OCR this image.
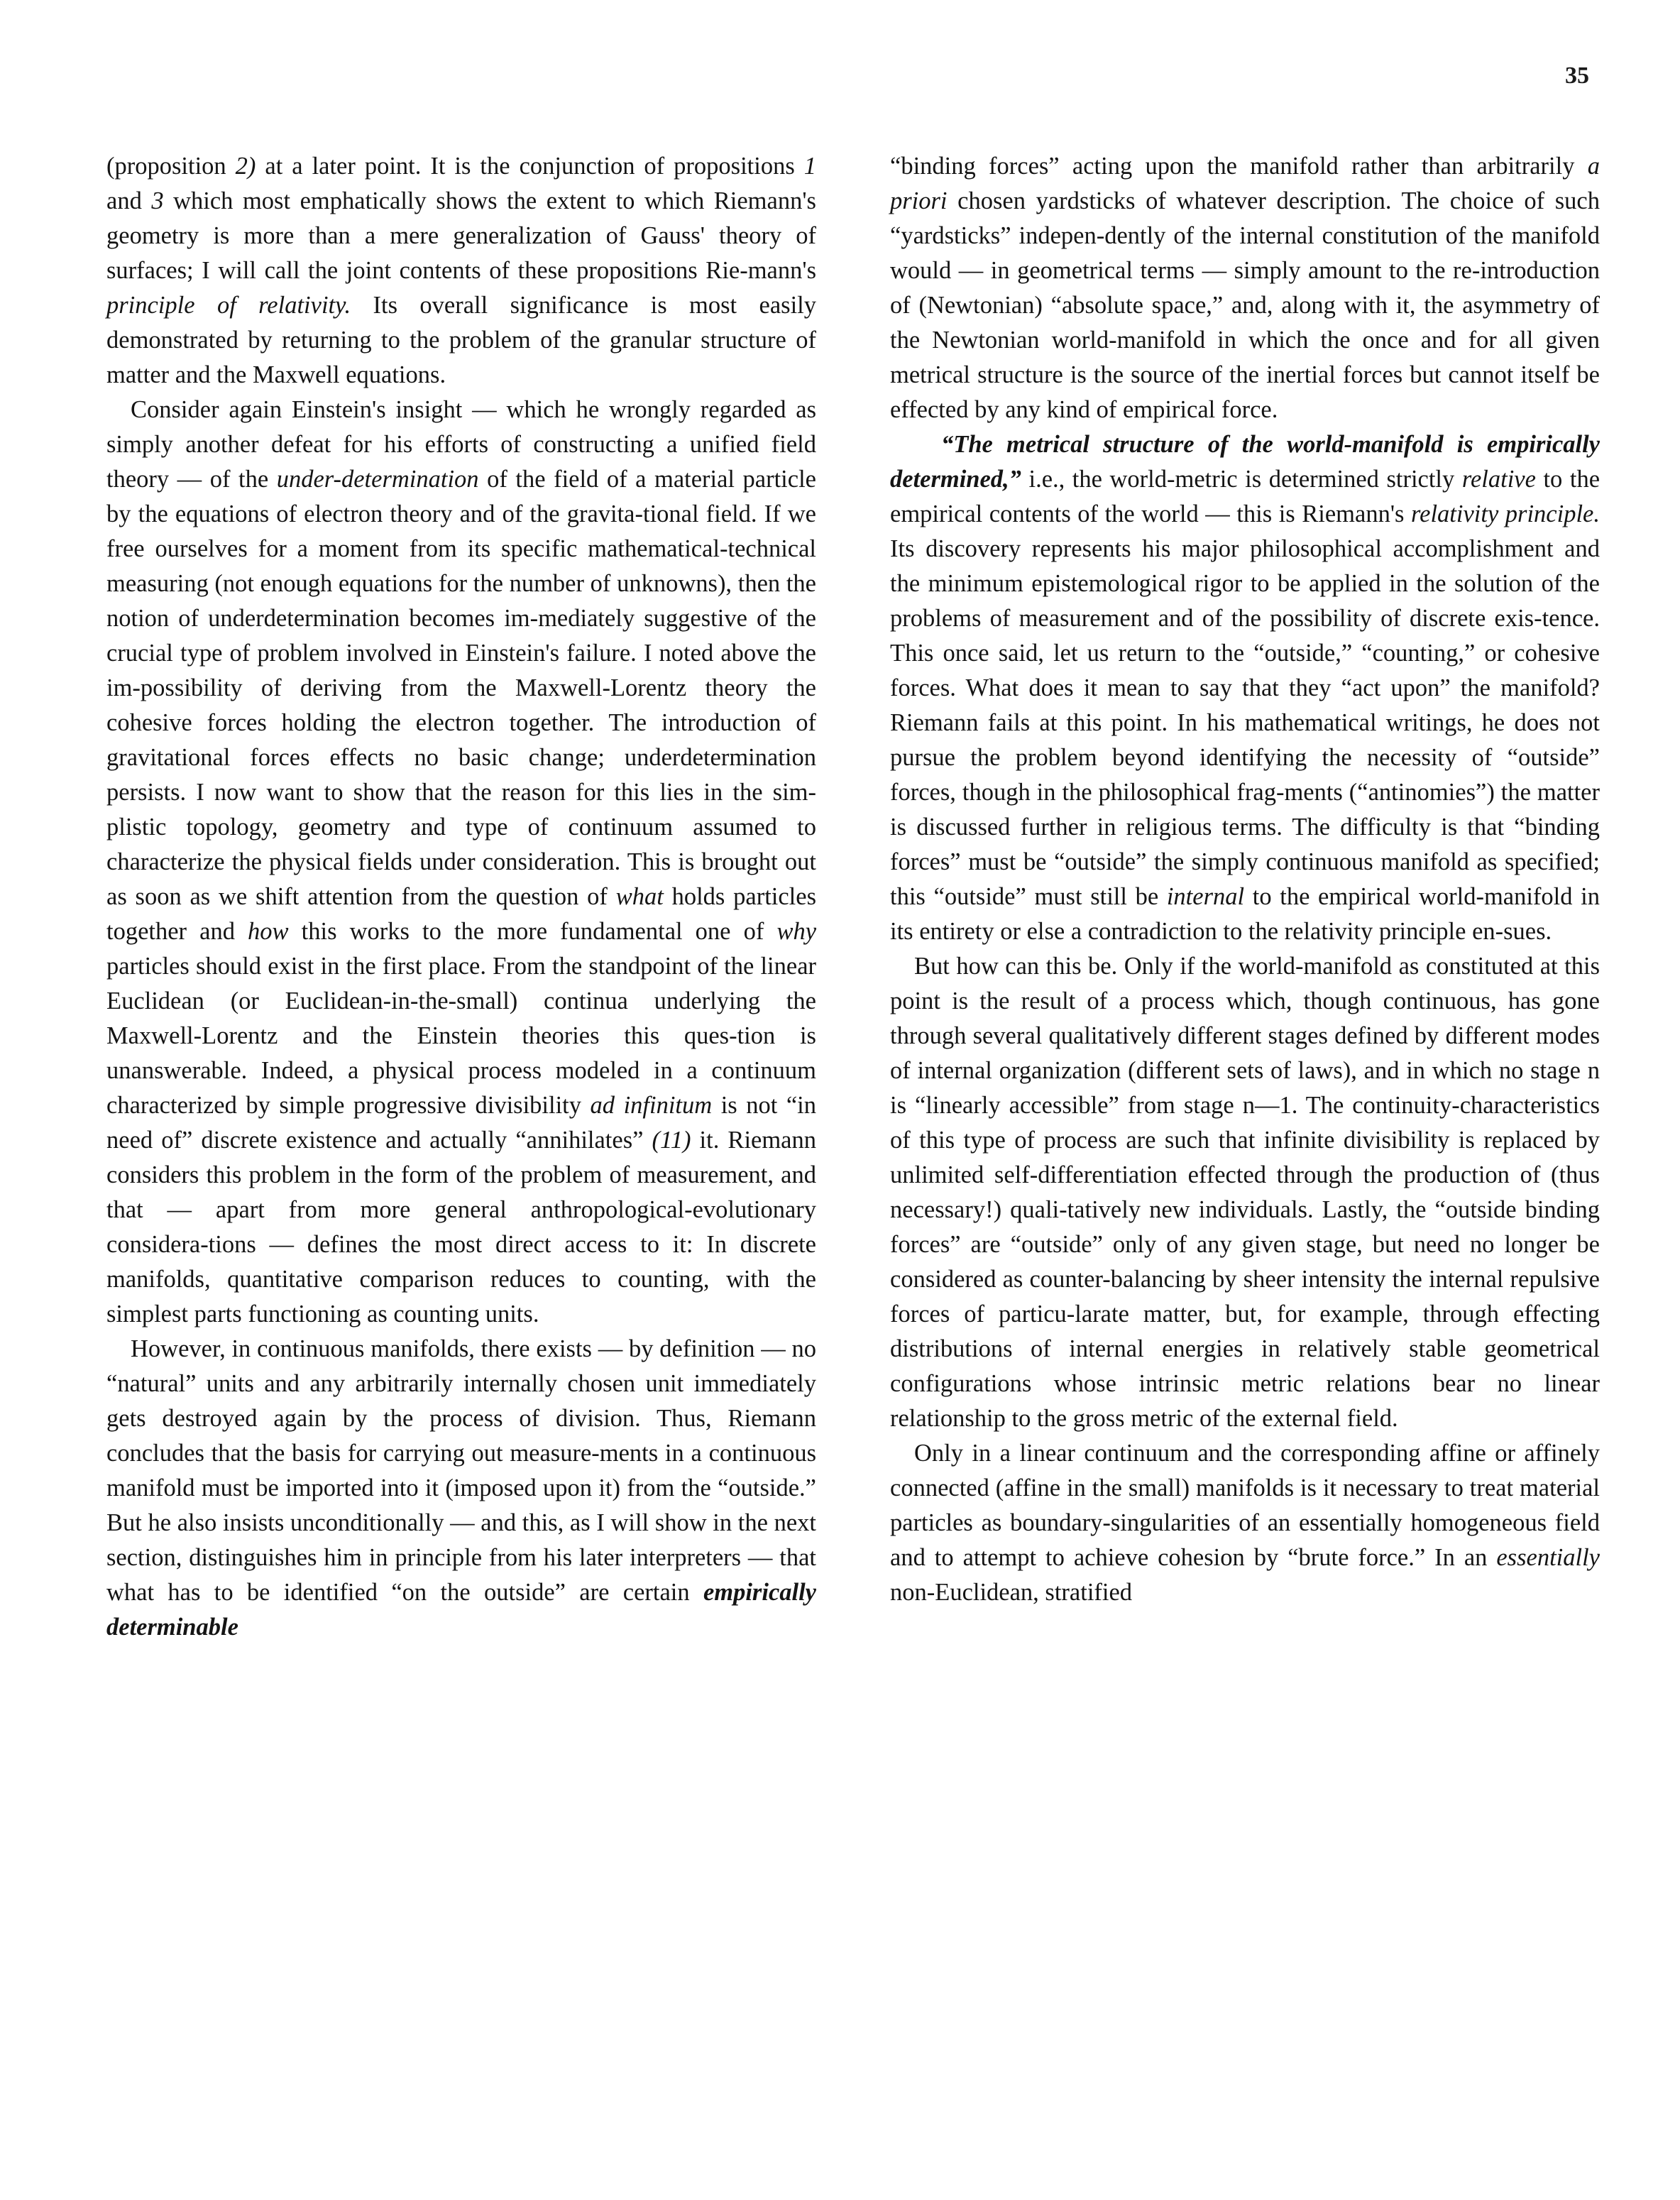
35

(proposition 2) at a later point. It is the conjunction of propositions 1 and 3 which most emphatically shows the extent to which Riemann's geometry is more than a mere generalization of Gauss' theory of surfaces; I will call the joint contents of these propositions Rie-mann's principle of relativity. Its overall significance is most easily demonstrated by returning to the problem of the granular structure of matter and the Maxwell equations.

Consider again Einstein's insight — which he wrongly regarded as simply another defeat for his efforts of constructing a unified field theory — of the under-determination of the field of a material particle by the equations of electron theory and of the gravita-tional field. If we free ourselves for a moment from its specific mathematical-technical measuring (not enough equations for the number of unknowns), then the notion of underdetermination becomes im-mediately suggestive of the crucial type of problem involved in Einstein's failure. I noted above the im-possibility of deriving from the Maxwell-Lorentz theory the cohesive forces holding the electron together. The introduction of gravitational forces effects no basic change; underdetermination persists. I now want to show that the reason for this lies in the sim-plistic topology, geometry and type of continuum assumed to characterize the physical fields under consideration. This is brought out as soon as we shift attention from the question of what holds particles together and how this works to the more fundamental one of why particles should exist in the first place. From the standpoint of the linear Euclidean (or Euclidean-in-the-small) continua underlying the Maxwell-Lorentz and the Einstein theories this ques-tion is unanswerable. Indeed, a physical process modeled in a continuum characterized by simple progressive divisibility ad infinitum is not “in need of” discrete existence and actually “annihilates” (11) it. Riemann considers this problem in the form of the problem of measurement, and that — apart from more general anthropological-evolutionary considera-tions — defines the most direct access to it: In discrete manifolds, quantitative comparison reduces to counting, with the simplest parts functioning as counting units.

However, in continuous manifolds, there exists — by definition — no “natural” units and any arbitrarily internally chosen unit immediately gets destroyed again by the process of division. Thus, Riemann concludes that the basis for carrying out measure-ments in a continuous manifold must be imported into it (imposed upon it) from the “outside.” But he also insists unconditionally — and this, as I will show in the next section, distinguishes him in principle from his later interpreters — that what has to be identified “on the outside” are certain empirically determinable

“binding forces” acting upon the manifold rather than arbitrarily a priori chosen yardsticks of whatever description. The choice of such “yardsticks” indepen-dently of the internal constitution of the manifold would — in geometrical terms — simply amount to the re-introduction of (Newtonian) “absolute space,” and, along with it, the asymmetry of the Newtonian world-manifold in which the once and for all given metrical structure is the source of the inertial forces but cannot itself be effected by any kind of empirical force.

“The metrical structure of the world-manifold is empirically determined,” i.e., the world-metric is determined strictly relative to the empirical contents of the world — this is Riemann's relativity principle. Its discovery represents his major philosophical accomplishment and the minimum epistemological rigor to be applied in the solution of the problems of measurement and of the possibility of discrete exis-tence. This once said, let us return to the “outside,” “counting,” or cohesive forces. What does it mean to say that they “act upon” the manifold? Riemann fails at this point. In his mathematical writings, he does not pursue the problem beyond identifying the necessity of “outside” forces, though in the philosophical frag-ments (“antinomies”) the matter is discussed further in religious terms. The difficulty is that “binding forces” must be “outside” the simply continuous manifold as specified; this “outside” must still be internal to the empirical world-manifold in its entirety or else a contradiction to the relativity principle en-sues.

But how can this be. Only if the world-manifold as constituted at this point is the result of a process which, though continuous, has gone through several qualitatively different stages defined by different modes of internal organization (different sets of laws), and in which no stage n is “linearly accessible” from stage n—1. The continuity-characteristics of this type of process are such that infinite divisibility is replaced by unlimited self-differentiation effected through the production of (thus necessary!) quali-tatively new individuals. Lastly, the “outside binding forces” are “outside” only of any given stage, but need no longer be considered as counter-balancing by sheer intensity the internal repulsive forces of particu-larate matter, but, for example, through effecting distributions of internal energies in relatively stable geometrical configurations whose intrinsic metric relations bear no linear relationship to the gross metric of the external field.

Only in a linear continuum and the corresponding affine or affinely connected (affine in the small) manifolds is it necessary to treat material particles as boundary-singularities of an essentially homogeneous field and to attempt to achieve cohesion by “brute force.” In an essentially non-Euclidean, stratified
